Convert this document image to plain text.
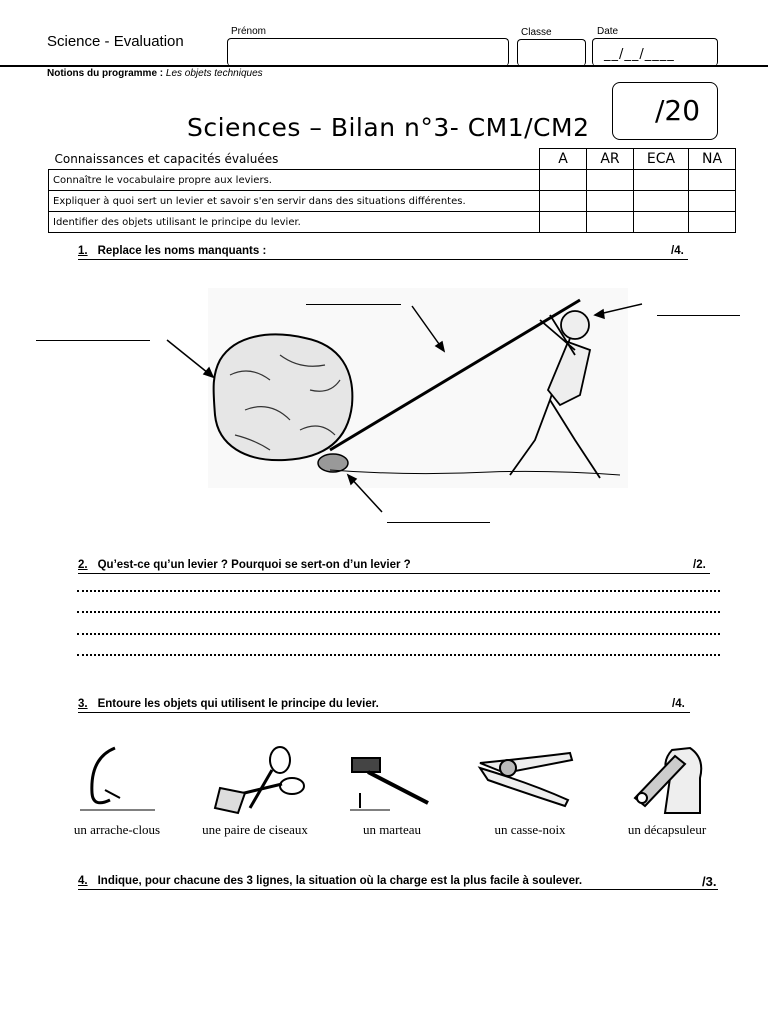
Science - Evaluation
Prénom	Classe	Date
__/__/____
Notions du programme : Les objets techniques
/20
Sciences – Bilan n°3- CM1/CM2
Connaissances et capacités évaluées	A	AR	ECA	NA
Connaître le vocabulaire propre aux leviers.				
Expliquer à quoi sert un levier et savoir s'en servir dans des situations différentes.				
Identifier des objets utilisant le principe du levier.				
1. Replace les noms manquants :	/4.
2. Qu’est-ce qu’un levier ? Pourquoi se sert-on d’un levier ?	/2.
3. Entoure les objets qui utilisent le principe du levier.	/4.
un arrache-clous	une paire de ciseaux	un marteau	un casse-noix	un décapsuleur
4. Indique, pour chacune des 3 lignes, la situation où la charge est la plus facile à soulever.	/3.
